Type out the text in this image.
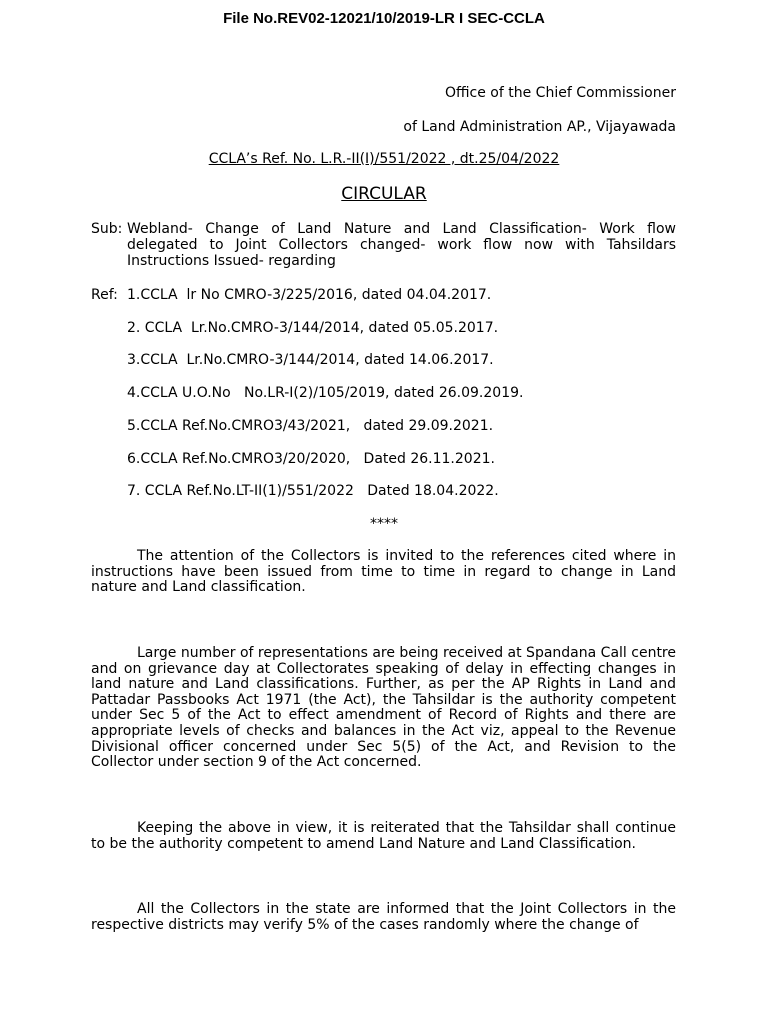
File No.REV02-12021/10/2019-LR I SEC-CCLA
Office of the Chief Commissioner
of Land Administration AP., Vijayawada
CCLA’s Ref. No. L.R.-II(I)/551/2022 , dt.25/04/2022
CIRCULAR
Sub: Webland- Change of Land Nature and Land Classification- Work flow delegated to Joint Collectors changed- work flow now with Tahsildars Instructions Issued- regarding
Ref: 1.CCLA  lr No CMRO-3/225/2016, dated 04.04.2017.
2. CCLA  Lr.No.CMRO-3/144/2014, dated 05.05.2017.
3.CCLA  Lr.No.CMRO-3/144/2014, dated 14.06.2017.
4.CCLA U.O.No   No.LR-I(2)/105/2019, dated 26.09.2019.
5.CCLA Ref.No.CMRO3/43/2021,   dated 29.09.2021.
6.CCLA Ref.No.CMRO3/20/2020,   Dated 26.11.2021.
7. CCLA Ref.No.LT-II(1)/551/2022   Dated 18.04.2022.
****
The attention of the Collectors is invited to the references cited where in instructions have been issued from time to time in regard to change in Land nature and Land classification.
Large number of representations are being received at Spandana Call centre and on grievance day at Collectorates speaking of delay in effecting changes in land nature and Land classifications. Further, as per the AP Rights in Land and Pattadar Passbooks Act 1971 (the Act), the Tahsildar is the authority competent under Sec 5 of the Act to effect amendment of Record of Rights and there are appropriate levels of checks and balances in the Act viz, appeal to the Revenue Divisional officer concerned under Sec 5(5) of the Act, and Revision to the Collector under section 9 of the Act concerned.
Keeping the above in view, it is reiterated that the Tahsildar shall continue to be the authority competent to amend Land Nature and Land Classification.
All the Collectors in the state are informed that the Joint Collectors in the respective districts may verify 5% of the cases randomly where the change of
